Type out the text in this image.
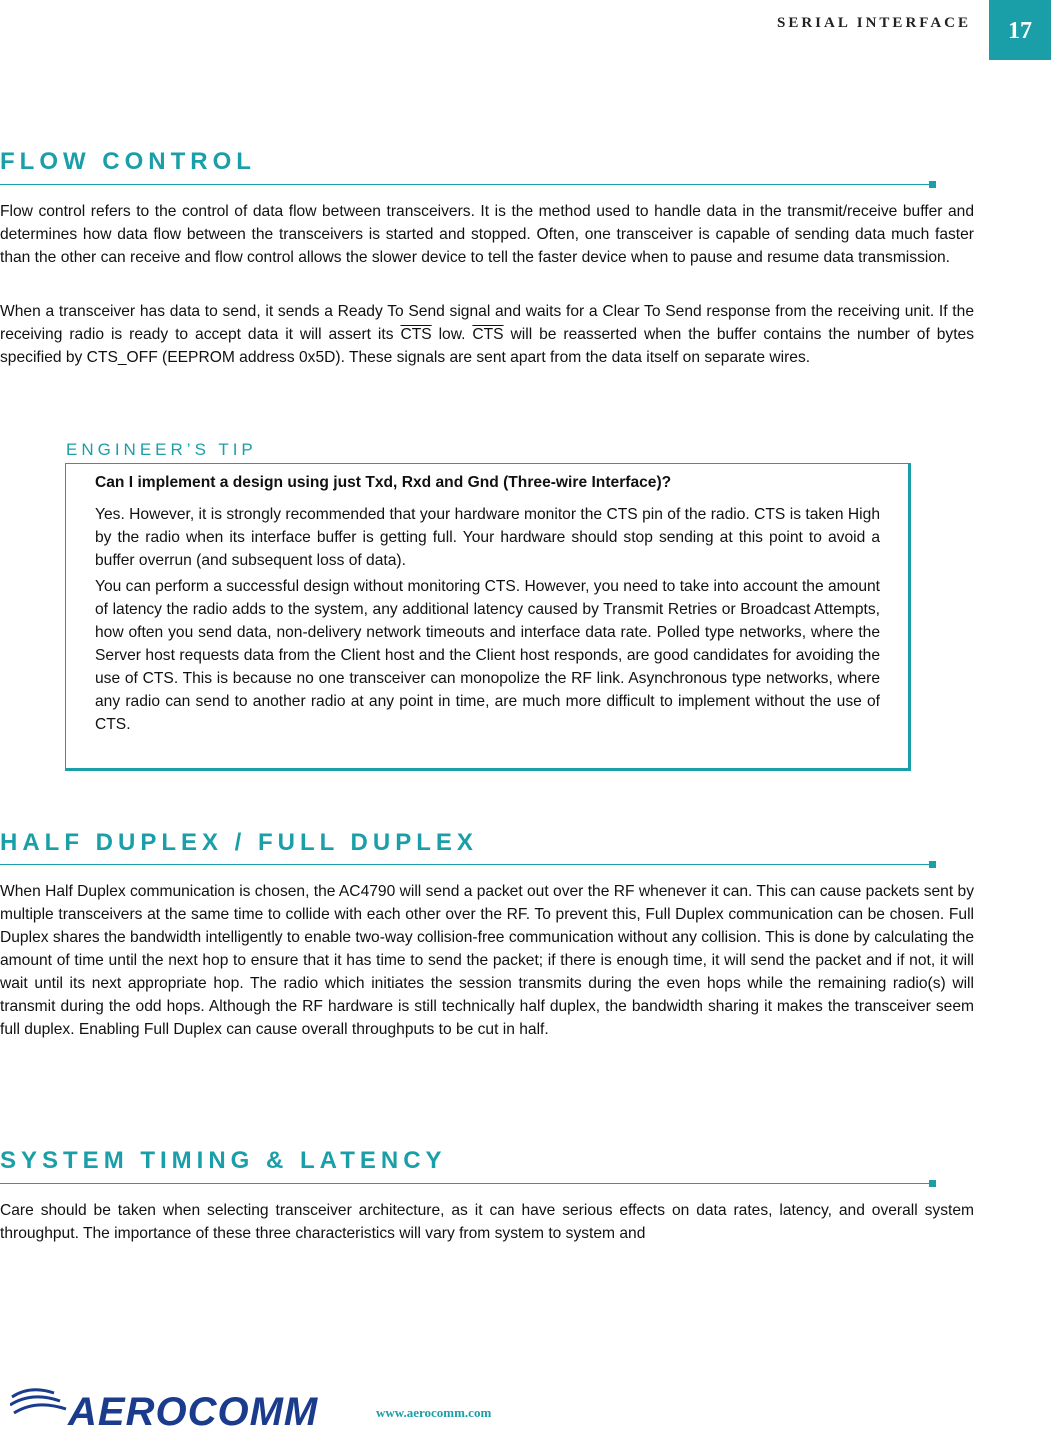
SERIAL INTERFACE	17
FLOW CONTROL

Flow control refers to the control of data flow between transceivers. It is the method used to handle data in the transmit/receive buffer and determines how data flow between the transceivers is started and stopped. Often, one transceiver is capable of sending data much faster than the other can receive and flow control allows the slower device to tell the faster device when to pause and resume data transmission.

When a transceiver has data to send, it sends a Ready To Send signal and waits for a Clear To Send response from the receiving unit. If the receiving radio is ready to accept data it will assert its $\overline{CTS}$ low. $\overline{CTS}$ will be reasserted when the buffer contains the number of bytes specified by CTS_OFF (EEPROM address 0x5D). These signals are sent apart from the data itself on separate wires.

ENGINEER’S TIP

Can I implement a design using just Txd, Rxd and Gnd (Three-wire Interface)?

Yes. However, it is strongly recommended that your hardware monitor the CTS pin of the radio. CTS is taken High by the radio when its interface buffer is getting full. Your hardware should stop sending at this point to avoid a buffer overrun (and subsequent loss of data).

You can perform a successful design without monitoring CTS. However, you need to take into account the amount of latency the radio adds to the system, any additional latency caused by Transmit Retries or Broadcast Attempts, how often you send data, non-delivery network timeouts and interface data rate. Polled type networks, where the Server host requests data from the Client host and the Client host responds, are good candidates for avoiding the use of CTS. This is because no one transceiver can monopolize the RF link. Asynchronous type networks, where any radio can send to another radio at any point in time, are much more difficult to implement without the use of CTS.

HALF DUPLEX / FULL DUPLEX

When Half Duplex communication is chosen, the AC4790 will send a packet out over the RF whenever it can. This can cause packets sent by multiple transceivers at the same time to collide with each other over the RF. To prevent this, Full Duplex communication can be chosen. Full Duplex shares the bandwidth intelligently to enable two-way collision-free communication without any collision. This is done by calculating the amount of time until the next hop to ensure that it has time to send the packet; if there is enough time, it will send the packet and if not, it will wait until its next appropriate hop. The radio which initiates the session transmits during the even hops while the remaining radio(s) will transmit during the odd hops. Although the RF hardware is still technically half duplex, the bandwidth sharing it makes the transceiver seem full duplex. Enabling Full Duplex can cause overall throughputs to be cut in half.

SYSTEM TIMING & LATENCY

Care should be taken when selecting transceiver architecture, as it can have serious effects on data rates, latency, and overall system throughput. The importance of these three characteristics will vary from system to system and

AEROCOMM	www.aerocomm.com
